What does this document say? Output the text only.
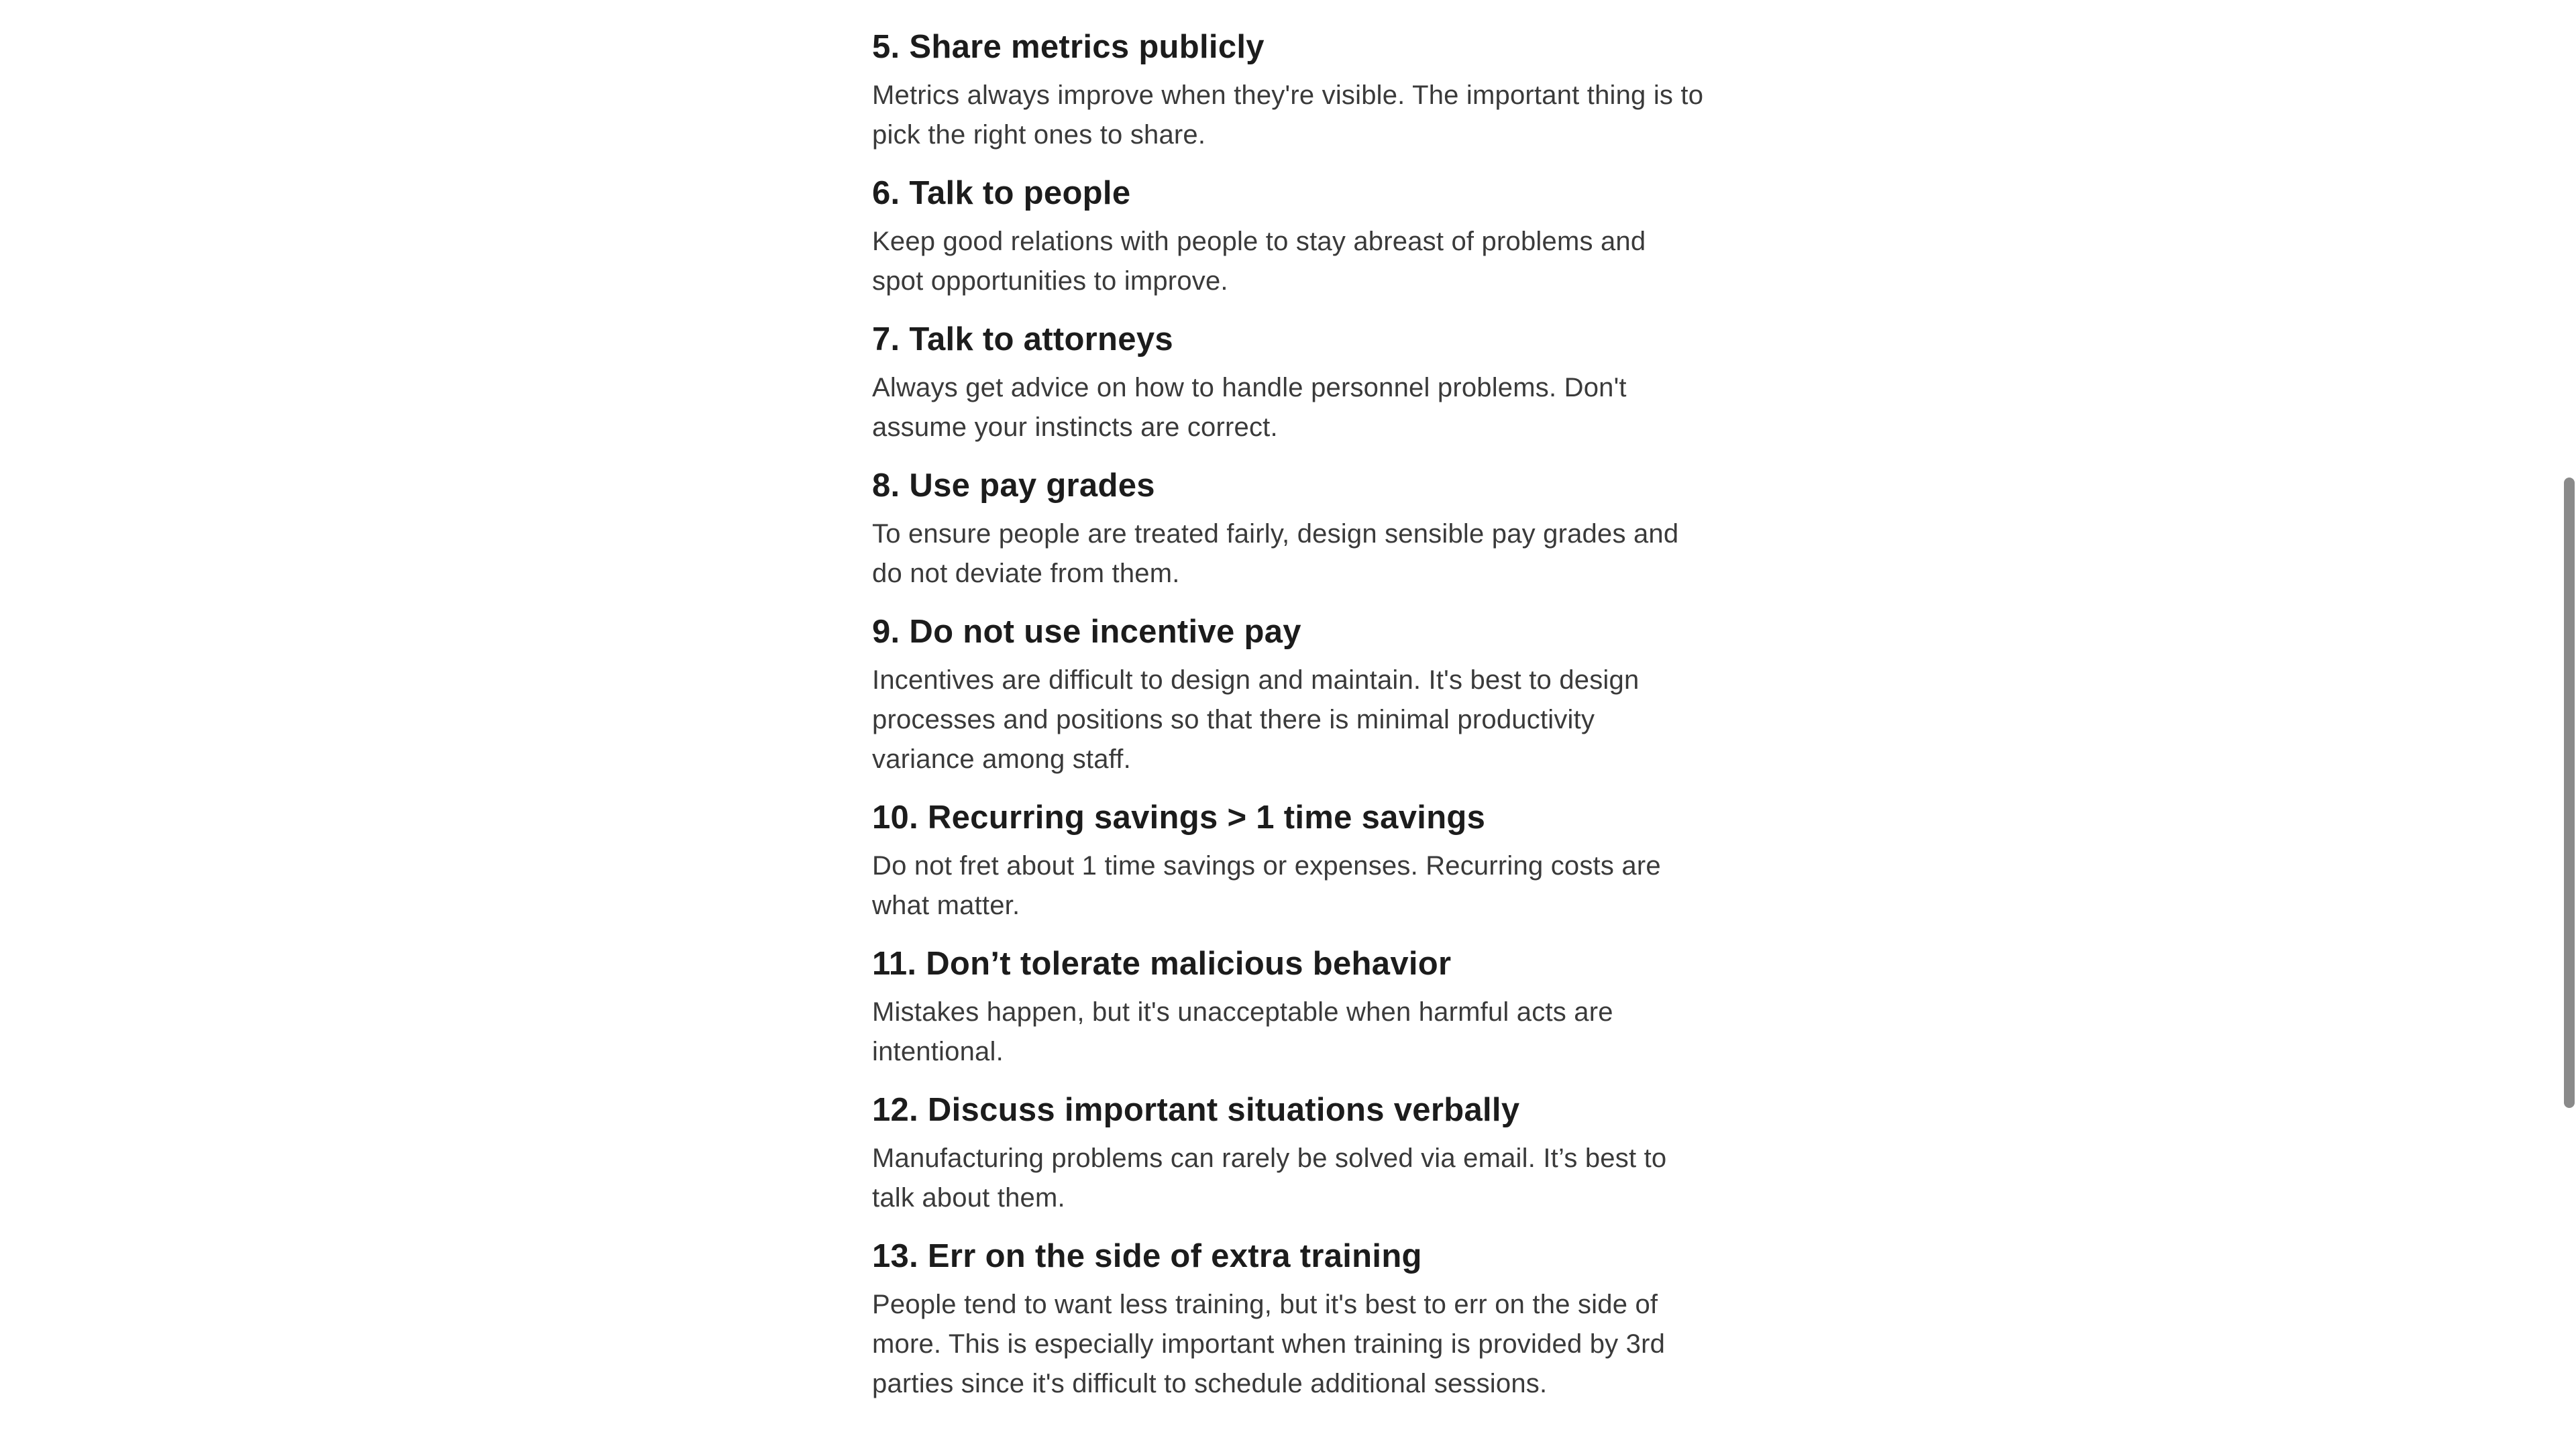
5. Share metrics publicly

Metrics always improve when they're visible. The important thing is to pick the right ones to share.

6. Talk to people

Keep good relations with people to stay abreast of problems and spot opportunities to improve.

7. Talk to attorneys

Always get advice on how to handle personnel problems. Don't assume your instincts are correct.

8. Use pay grades

To ensure people are treated fairly, design sensible pay grades and do not deviate from them.

9. Do not use incentive pay

Incentives are difficult to design and maintain. It's best to design processes and positions so that there is minimal productivity variance among staff.

10. Recurring savings > 1 time savings

Do not fret about 1 time savings or expenses. Recurring costs are what matter.

11. Don’t tolerate malicious behavior

Mistakes happen, but it's unacceptable when harmful acts are intentional.

12. Discuss important situations verbally

Manufacturing problems can rarely be solved via email. It’s best to talk about them.

13. Err on the side of extra training

People tend to want less training, but it's best to err on the side of more. This is especially important when training is provided by 3rd parties since it's difficult to schedule additional sessions.
